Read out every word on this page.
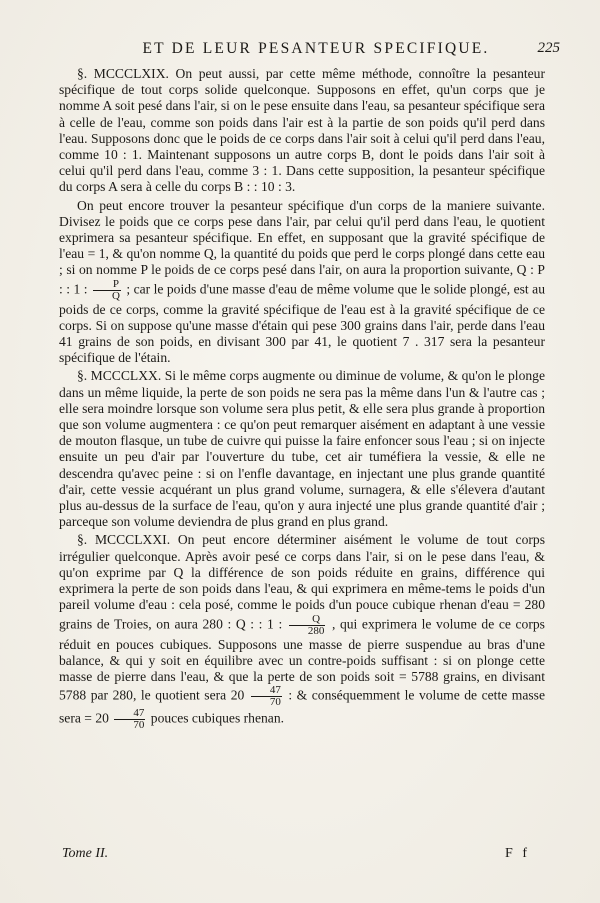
ET DE LEUR PESANTEUR SPECIFIQUE.	225

§. MCCCLXIX. On peut aussi, par cette même méthode, connoître la pesanteur spécifique de tout corps solide quelconque. Supposons en effet, qu'un corps que je nomme A soit pesé dans l'air, si on le pese ensuite dans l'eau, sa pesanteur spécifique sera à celle de l'eau, comme son poids dans l'air est à la partie de son poids qu'il perd dans l'eau. Supposons donc que le poids de ce corps dans l'air soit à celui qu'il perd dans l'eau, comme 10 : 1. Maintenant supposons un autre corps B, dont le poids dans l'air soit à celui qu'il perd dans l'eau, comme 3 : 1. Dans cette supposition, la pesanteur spécifique du corps A sera à celle du corps B : : 10 : 3.

On peut encore trouver la pesanteur spécifique d'un corps de la maniere suivante. Divisez le poids que ce corps pese dans l'air, par celui qu'il perd dans l'eau, le quotient exprimera sa pesanteur spécifique. En effet, en supposant que la gravité spécifique de l'eau = 1, & qu'on nomme Q, la quantité du poids que perd le corps plongé dans cette eau ; si on nomme P le poids de ce corps pesé dans l'air, on aura la proportion suivante, Q : P : : 1 : $\frac{P}{Q}$ ; car le poids d'une masse d'eau de même volume que le solide plongé, est au poids de ce corps, comme la gravité spécifique de l'eau est à la gravité spécifique de ce corps. Si on suppose qu'une masse d'étain qui pese 300 grains dans l'air, perde dans l'eau 41 grains de son poids, en divisant 300 par 41, le quotient 7 . 317 sera la pesanteur spécifique de l'étain.

§. MCCCLXX. Si le même corps augmente ou diminue de volume, & qu'on le plonge dans un même liquide, la perte de son poids ne sera pas la même dans l'un & l'autre cas ; elle sera moindre lorsque son volume sera plus petit, & elle sera plus grande à proportion que son volume augmentera : ce qu'on peut remarquer aisément en adaptant à une vessie de mouton flasque, un tube de cuivre qui puisse la faire enfoncer sous l'eau ; si on injecte ensuite un peu d'air par l'ouverture du tube, cet air tuméfiera la vessie, & elle ne descendra qu'avec peine : si on l'enfle davantage, en injectant une plus grande quantité d'air, cette vessie acquérant un plus grand volume, surnagera, & elle s'élevera d'autant plus au-dessus de la surface de l'eau, qu'on y aura injecté une plus grande quantité d'air ; parceque son volume deviendra de plus grand en plus grand.

§. MCCCLXXI. On peut encore déterminer aisément le volume de tout corps irrégulier quelconque. Après avoir pesé ce corps dans l'air, si on le pese dans l'eau, & qu'on exprime par Q la différence de son poids réduite en grains, différence qui exprimera la perte de son poids dans l'eau, & qui exprimera en même-tems le poids d'un pareil volume d'eau : cela posé, comme le poids d'un pouce cubique rhenan d'eau = 280 grains de Troies, on aura 280 : Q : : 1 : $\frac{Q}{280}$ , qui exprimera le volume de ce corps réduit en pouces cubiques. Supposons une masse de pierre suspendue au bras d'une balance, & qui y soit en équilibre avec un contre-poids suffisant : si on plonge cette masse de pierre dans l'eau, & que la perte de son poids soit = 5788 grains, en divisant 5788 par 280, le quotient sera $20 \frac{47}{70}$ : & conséquemment le volume de cette masse sera = $20 \frac{47}{70}$ pouces cubiques rhenan.

Tome II.	F f
